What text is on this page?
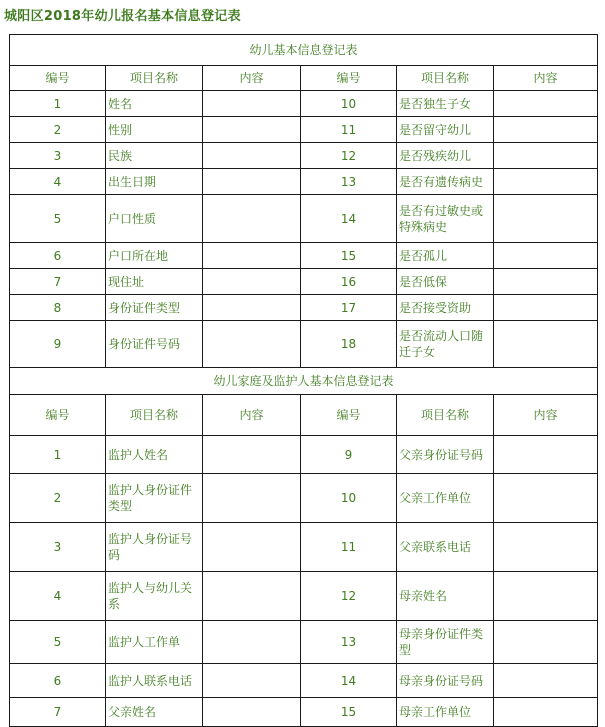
城阳区2018年幼儿报名基本信息登记表
幼儿基本信息登记表					
编号	项目名称	内容	编号	项目名称	内容
1	姓名		10	是否独生子女	
2	性别		11	是否留守幼儿	
3	民族		12	是否残疾幼儿	
4	出生日期		13	是否有遗传病史	
5	户口性质		14	是否有过敏史或特殊病史	
6	户口所在地		15	是否孤儿	
7	现住址		16	是否低保	
8	身份证件类型		17	是否接受资助	
9	身份证件号码		18	是否流动人口随迁子女	
幼儿家庭及监护人基本信息登记表					
编号	项目名称	内容	编号	项目名称	内容
1	监护人姓名		9	父亲身份证号码	
2	监护人身份证件类型		10	父亲工作单位	
3	监护人身份证号码		11	父亲联系电话	
4	监护人与幼儿关系		12	母亲姓名	
5	监护人工作单		13	母亲身份证件类型	
6	监护人联系电话		14	母亲身份证号码	
7	父亲姓名		15	母亲工作单位	
